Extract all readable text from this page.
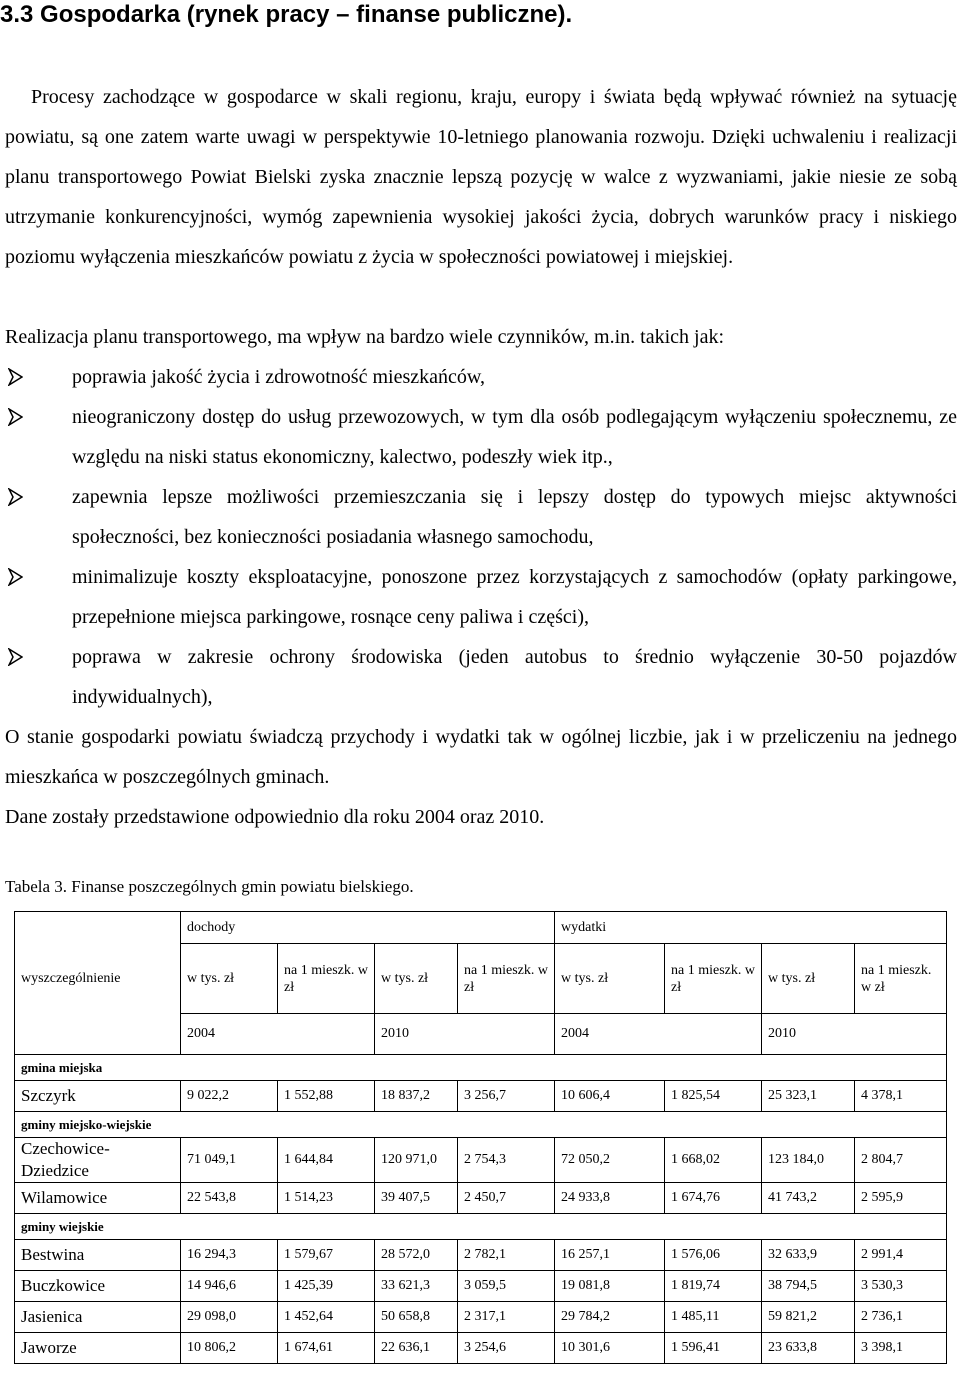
3.3 Gospodarka (rynek pracy – finanse publiczne).
Procesy zachodzące w gospodarce w skali regionu, kraju, europy i świata będą wpływać również na sytuację powiatu, są one zatem warte uwagi w perspektywie 10-letniego planowania rozwoju. Dzięki uchwaleniu i realizacji planu transportowego Powiat Bielski zyska znacznie lepszą pozycję w walce z wyzwaniami, jakie niesie ze sobą utrzymanie konkurencyjności, wymóg zapewnienia wysokiej jakości życia, dobrych warunków pracy i niskiego poziomu wyłączenia mieszkańców powiatu z życia w społeczności powiatowej i miejskiej.
Realizacja planu transportowego, ma wpływ na bardzo wiele czynników, m.in. takich jak:
poprawia jakość życia i zdrowotność mieszkańców,
nieograniczony dostęp do usług przewozowych, w tym dla osób podlegającym wyłączeniu społecznemu, ze względu na niski status ekonomiczny, kalectwo, podeszły wiek itp.,
zapewnia lepsze możliwości przemieszczania się i lepszy dostęp do typowych miejsc aktywności społeczności, bez konieczności posiadania własnego samochodu,
minimalizuje koszty eksploatacyjne, ponoszone przez korzystających z samochodów (opłaty parkingowe, przepełnione miejsca parkingowe, rosnące ceny paliwa i części),
poprawa w zakresie ochrony środowiska (jeden autobus to średnio wyłączenie 30-50 pojazdów indywidualnych),
O stanie gospodarki powiatu świadczą przychody i wydatki tak w ogólnej liczbie, jak i w przeliczeniu na jednego mieszkańca w poszczególnych gminach.
Dane zostały przedstawione odpowiednio dla roku 2004 oraz 2010.
Tabela 3. Finanse poszczególnych gmin powiatu bielskiego.
	dochody				wydatki			
wyszczególnienie	w tys. zł	na 1 mieszk. w zł	w tys. zł	na 1 mieszk. w zł	w tys. zł	na 1 mieszk. w zł	w tys. zł	na 1 mieszk. w zł
	2004		2010		2004		2010	
gmina miejska								
Szczyrk	9 022,2	1 552,88	18 837,2	3 256,7	10 606,4	1 825,54	25 323,1	4 378,1
gminy miejsko-wiejskie								
Czechowice-Dziedzice	71 049,1	1 644,84	120 971,0	2 754,3	72 050,2	1 668,02	123 184,0	2 804,7
Wilamowice	22 543,8	1 514,23	39 407,5	2 450,7	24 933,8	1 674,76	41 743,2	2 595,9
gminy wiejskie								
Bestwina	16 294,3	1 579,67	28 572,0	2 782,1	16 257,1	1 576,06	32 633,9	2 991,4
Buczkowice	14 946,6	1 425,39	33 621,3	3 059,5	19 081,8	1 819,74	38 794,5	3 530,3
Jasienica	29 098,0	1 452,64	50 658,8	2 317,1	29 784,2	1 485,11	59 821,2	2 736,1
Jaworze	10 806,2	1 674,61	22 636,1	3 254,6	10 301,6	1 596,41	23 633,8	3 398,1
